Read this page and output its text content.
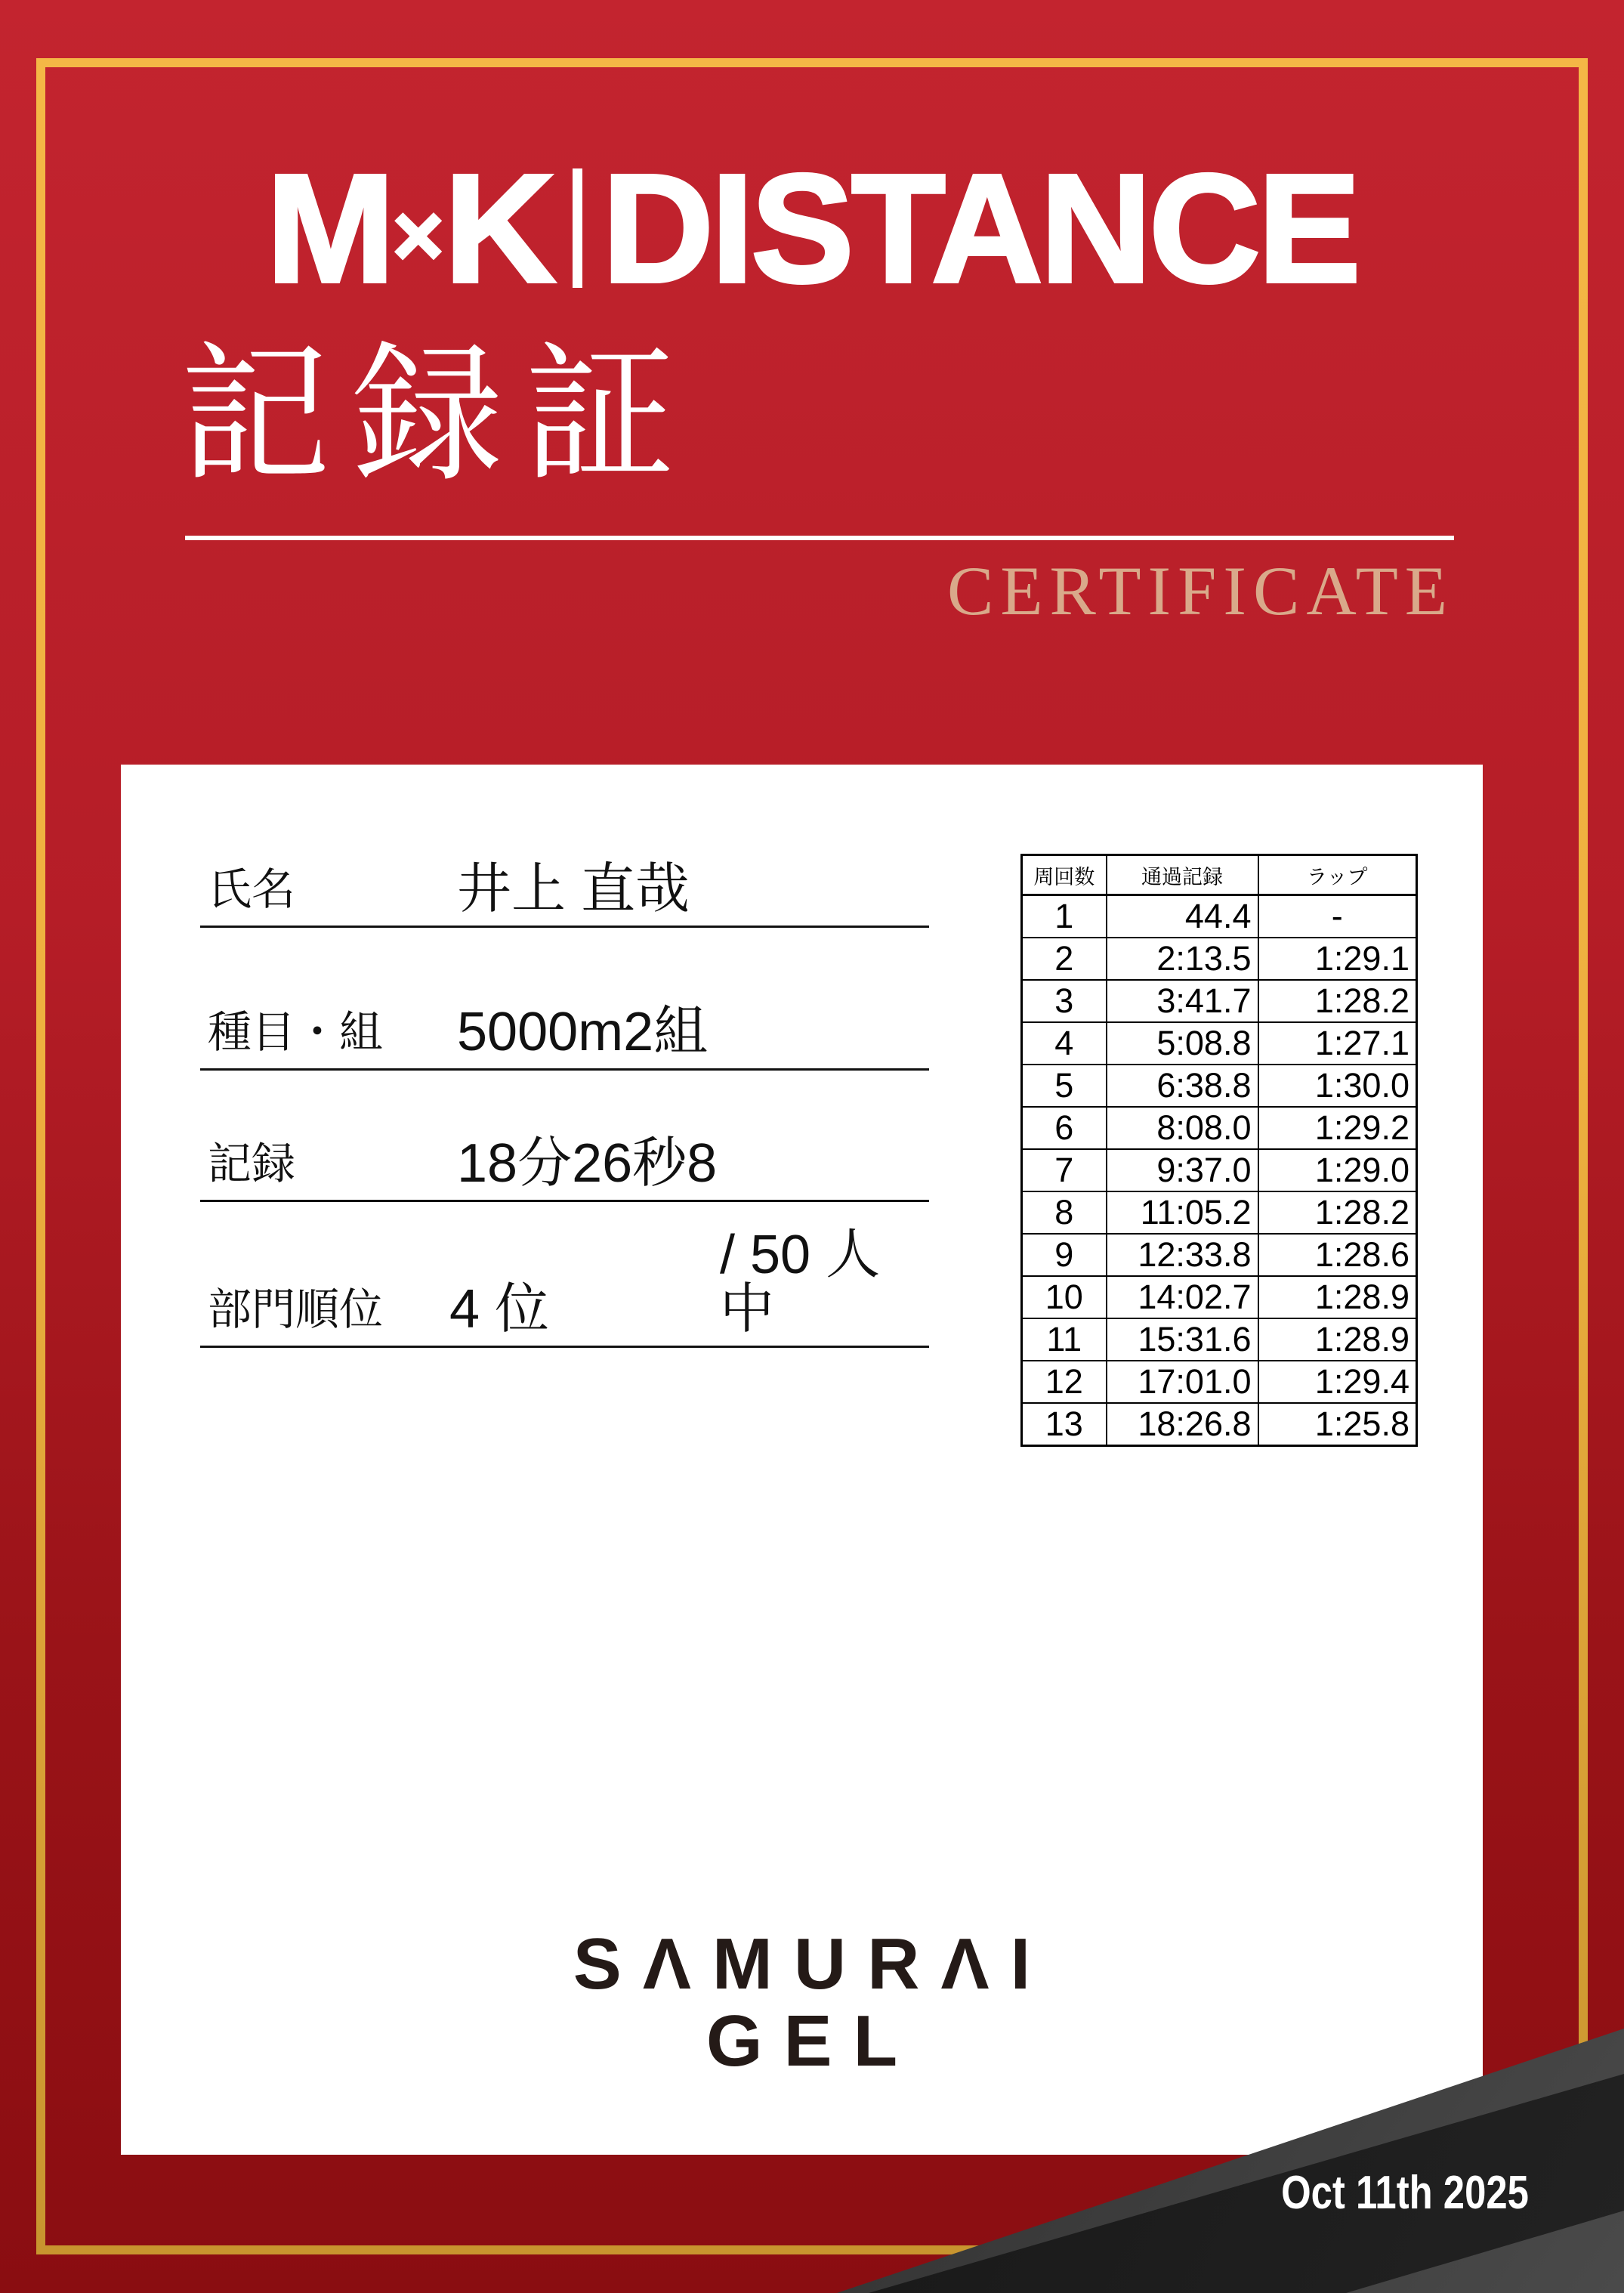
M × K DISTANCE
記録証
CERTIFICATE
氏名	井上 直哉
種目・組 5000m2組
記録	18分26秒8
部門順位 4 位
/ 50 人中
周回数	通過記録	ラップ
1	44.4	-
2	2:13.5	1:29.1
3	3:41.7	1:28.2
4	5:08.8	1:27.1
5	6:38.8	1:30.0
6	8:08.0	1:29.2
7	9:37.0	1:29.0
8	11:05.2	1:28.2
9	12:33.8	1:28.6
10	14:02.7	1:28.9
11	15:31.6	1:28.9
12	17:01.0	1:29.4
13	18:26.8	1:25.8
SΛMURΛI
GEL
Oct 11th 2025
